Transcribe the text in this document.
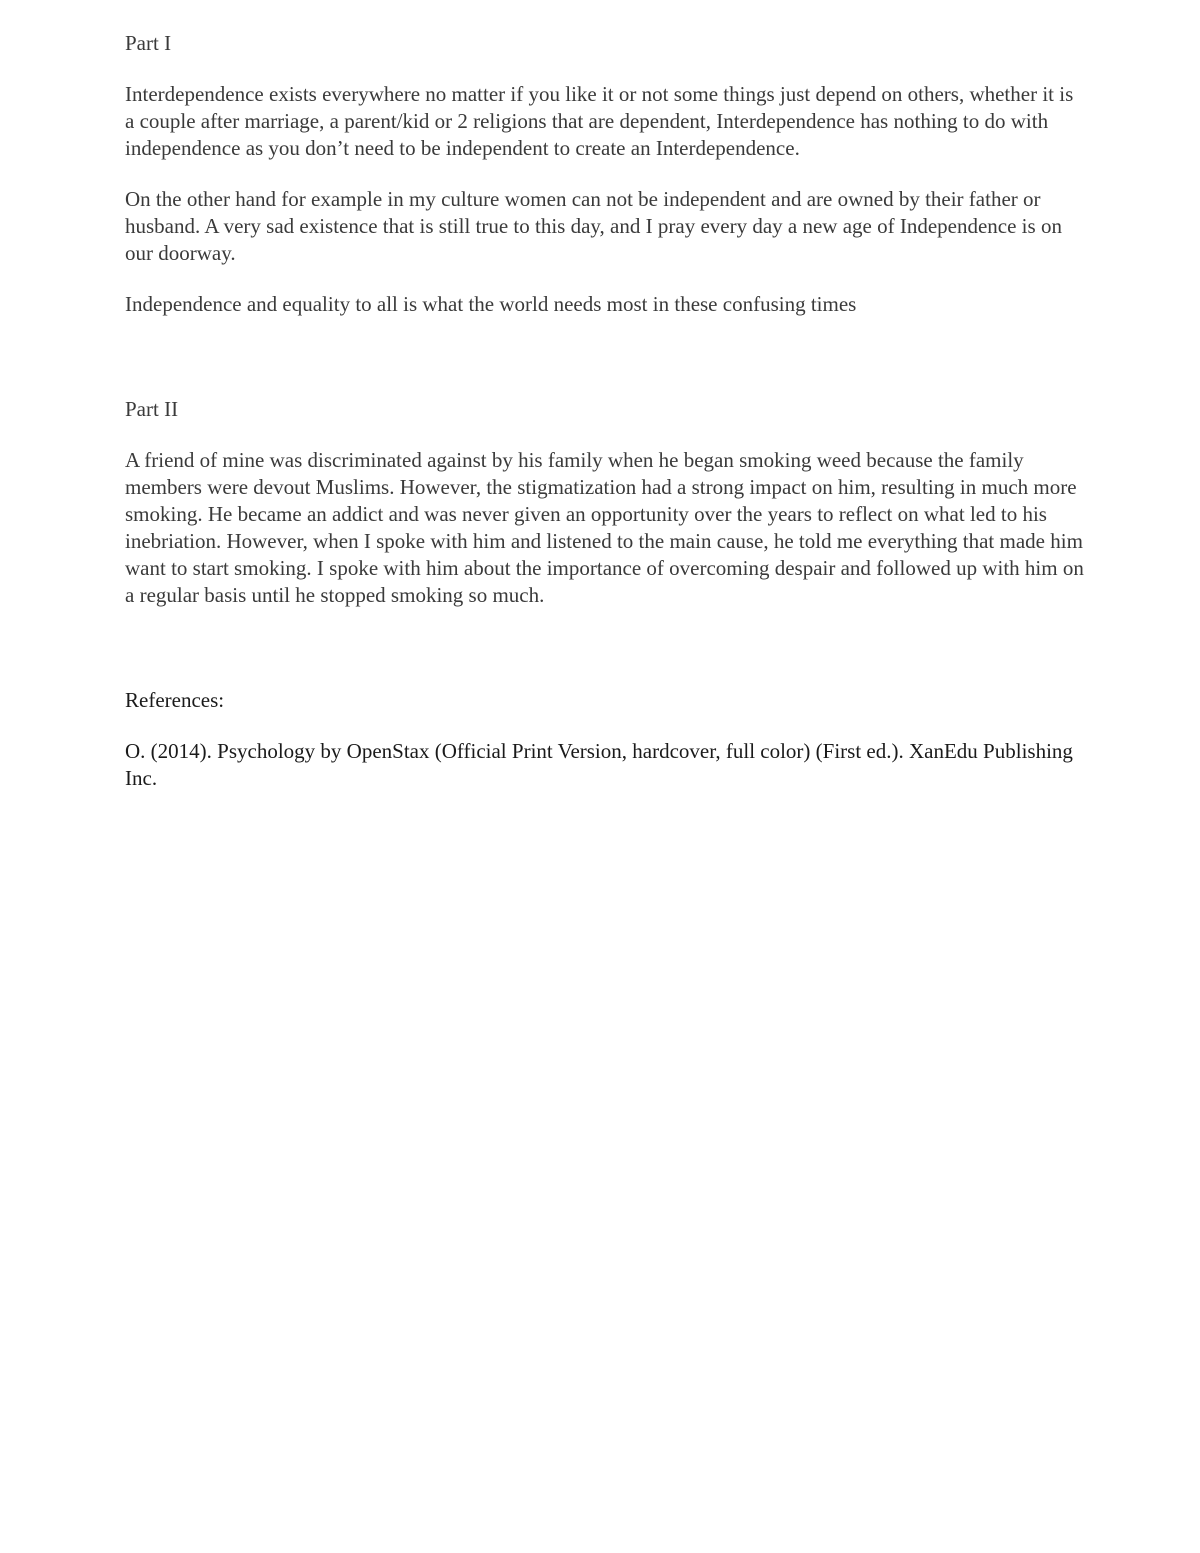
Part I

Interdependence exists everywhere no matter if you like it or not some things just depend on others, whether it is a couple after marriage, a parent/kid or 2 religions that are dependent, Interdependence has nothing to do with independence as you don’t need to be independent to create an Interdependence.

On the other hand for example in my culture women can not be independent and are owned by their father or husband. A very sad existence that is still true to this day, and I pray every day a new age of Independence is on our doorway.

Independence and equality to all is what the world needs most in these confusing times

Part II

A friend of mine was discriminated against by his family when he began smoking weed because the family members were devout Muslims. However, the stigmatization had a strong impact on him, resulting in much more smoking. He became an addict and was never given an opportunity over the years to reflect on what led to his inebriation. However, when I spoke with him and listened to the main cause, he told me everything that made him want to start smoking. I spoke with him about the importance of overcoming despair and followed up with him on a regular basis until he stopped smoking so much.

References:

O. (2014). Psychology by OpenStax (Official Print Version, hardcover, full color) (First ed.). XanEdu Publishing Inc.
